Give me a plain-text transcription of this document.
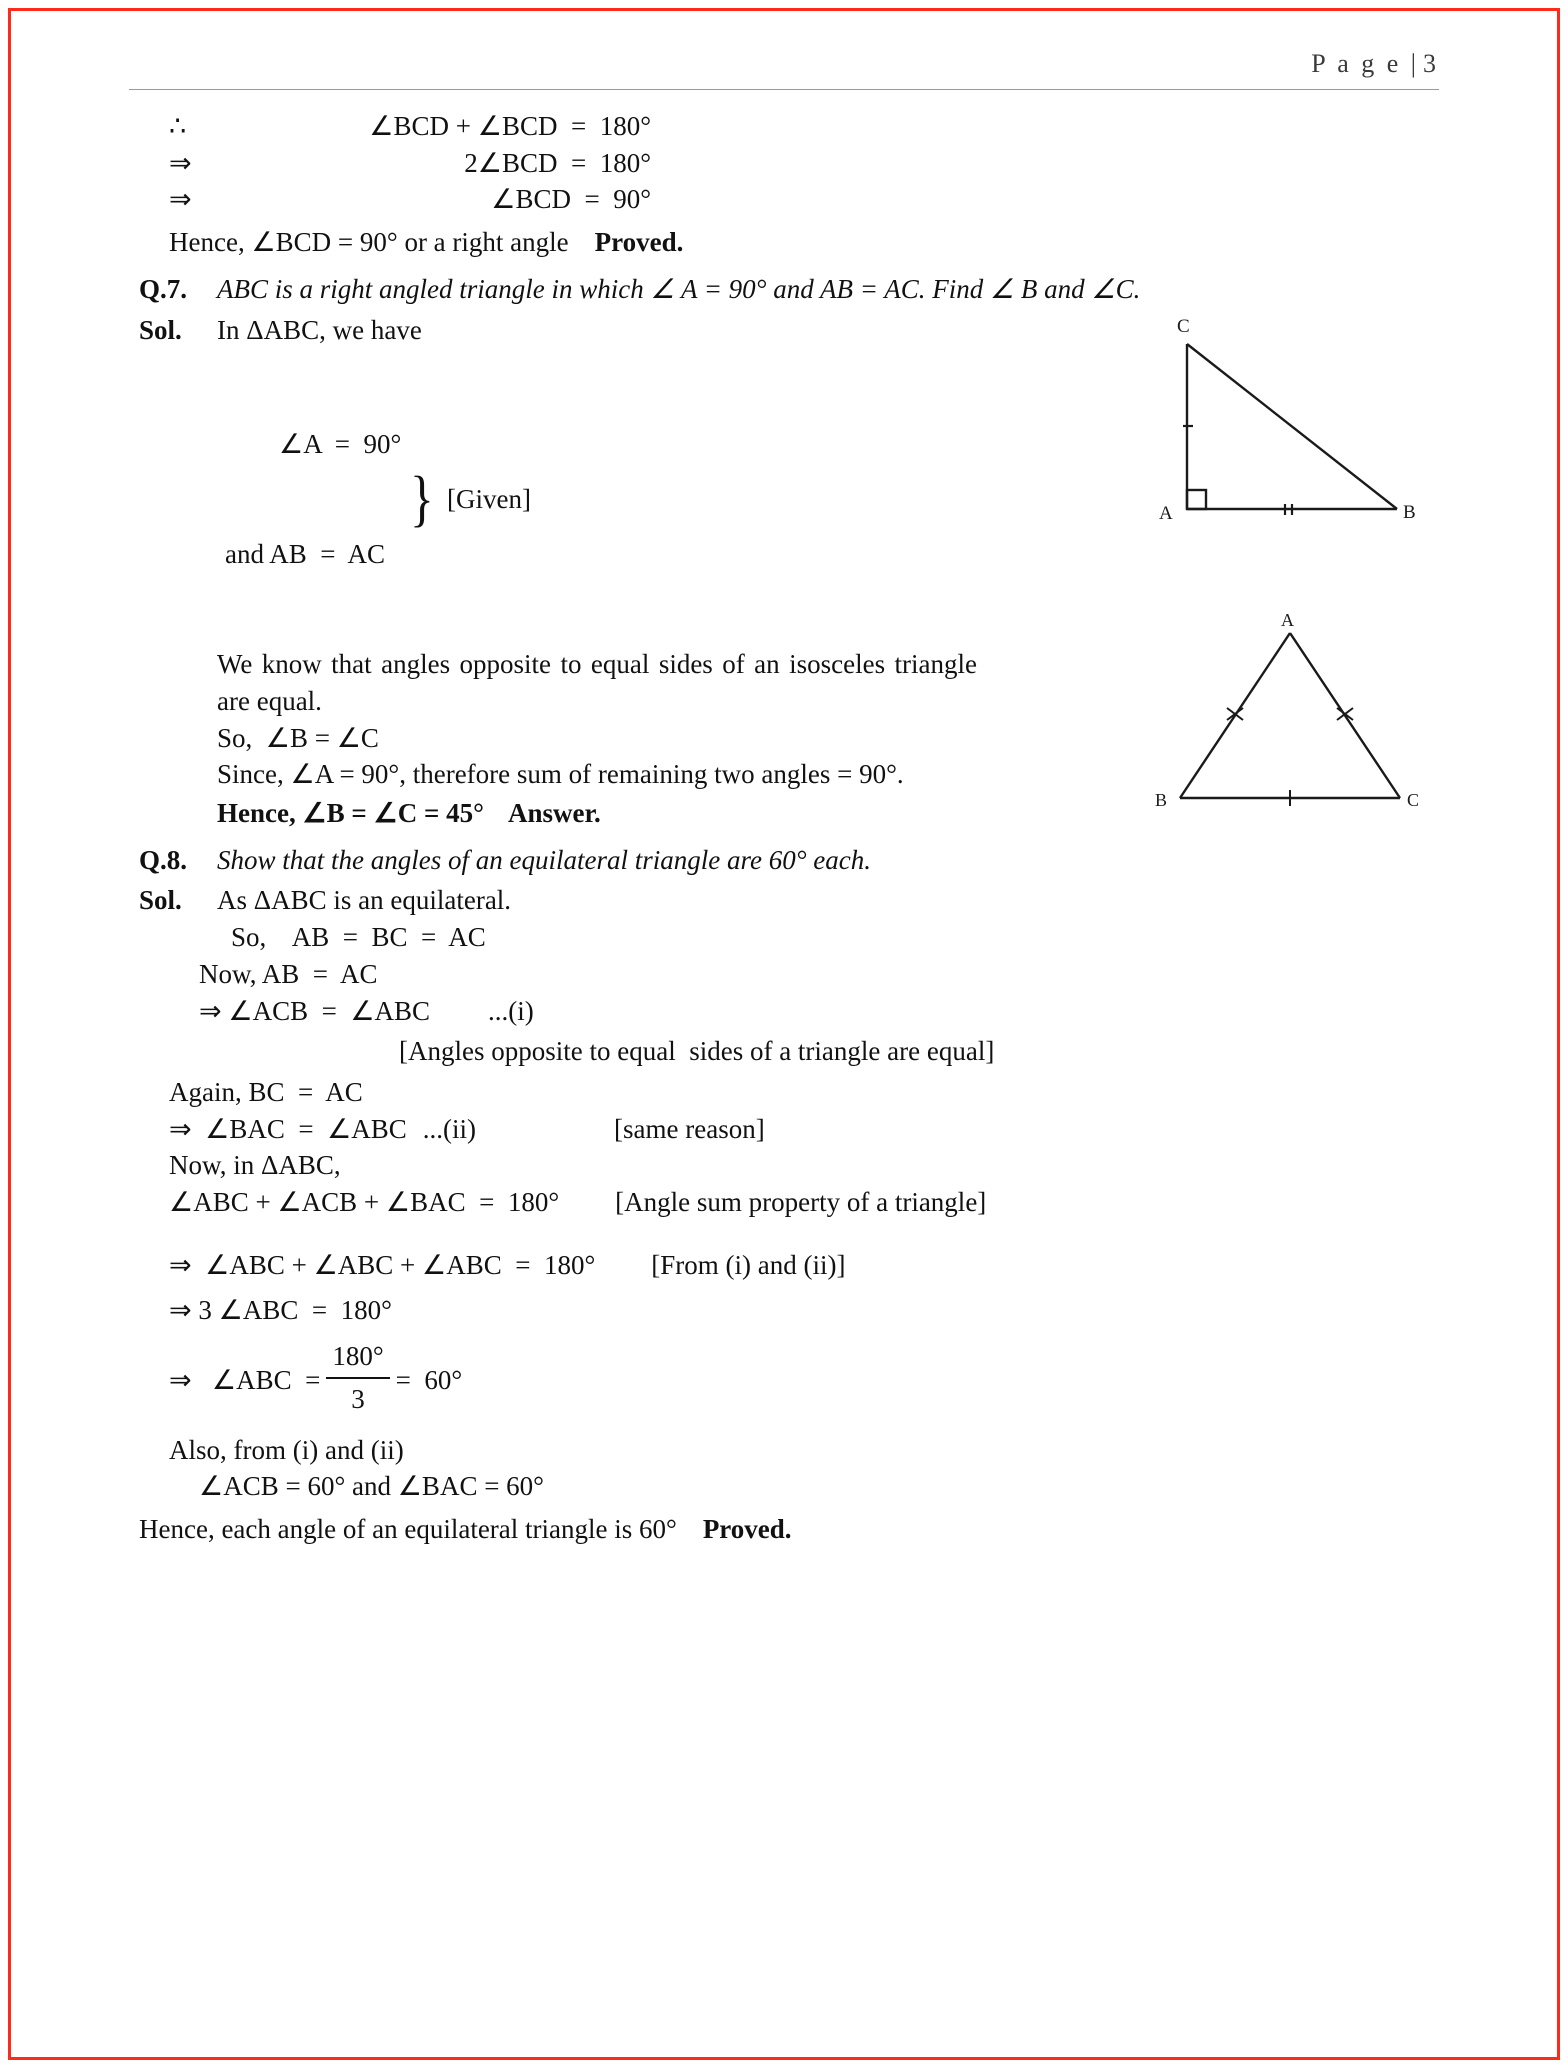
P a g e | 3
C
A	B
A
B	C
∴	∠BCD + ∠BCD  =  180°
⇒	2∠BCD  =  180°
⇒	∠BCD  =  90°
Hence, ∠BCD = 90° or a right angle Proved.
Q.7.	ABC is a right angled triangle in which ∠ A = 90° and AB = AC. Find ∠ B and ∠C.
Sol.	In ΔABC, we have

∠A  =  90°

and AB  =  AC

} [Given]
We know that angles opposite to equal sides of an isosceles triangle are equal.
So,  ∠B = ∠C
Since, ∠A = 90°, therefore sum of remaining two angles = 90°.
Hence, ∠B = ∠C = 45° Answer.
Q.8.	Show that the angles of an equilateral triangle are 60° each.
Sol.	As ΔABC is an equilateral.
So,    AB  =  BC  =  AC
Now, AB  =  AC
⇒ ∠ACB  =  ∠ABC	...(i)
[Angles opposite to equal  sides of a triangle are equal]
Again, BC  =  AC
⇒  ∠BAC  =  ∠ABC ...(ii)	[same reason]
Now, in ΔABC,
∠ABC + ∠ACB + ∠BAC  =  180°	[Angle sum property of a triangle]
⇒  ∠ABC + ∠ABC + ∠ABC  =  180°	[From (i) and (ii)]
⇒ 3 ∠ABC  =  180°
⇒   ∠ABC  = $\frac{180^\circ}{3} = 60^\circ$
Also, from (i) and (ii)
∠ACB = 60° and ∠BAC = 60°
Hence, each angle of an equilateral triangle is 60° Proved.
